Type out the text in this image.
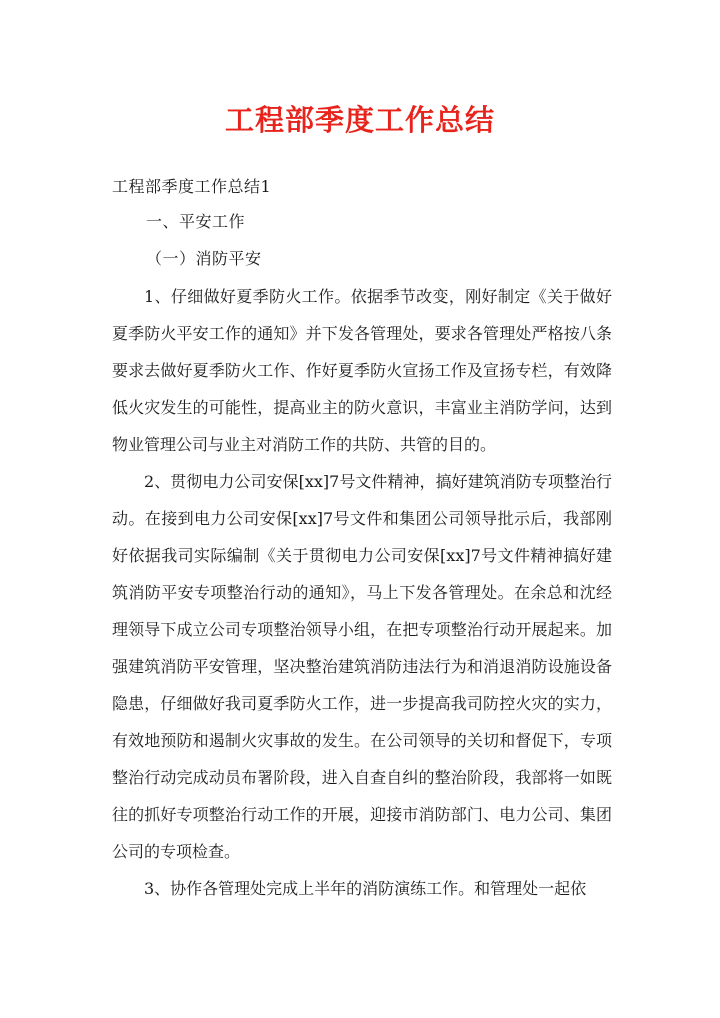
工程部季度工作总结
工程部季度工作总结1
一、平安工作
（一）消防平安

1、仔细做好夏季防火工作。依据季节改变，刚好制定《关于做好夏季防火平安工作的通知》并下发各管理处，要求各管理处严格按八条要求去做好夏季防火工作、作好夏季防火宣扬工作及宣扬专栏，有效降低火灾发生的可能性，提高业主的防火意识，丰富业主消防学问，达到物业管理公司与业主对消防工作的共防、共管的目的。

2、贯彻电力公司安保[xx]7号文件精神，搞好建筑消防专项整治行动。在接到电力公司安保[xx]7号文件和集团公司领导批示后，我部刚好依据我司实际编制《关于贯彻电力公司安保[xx]7号文件精神搞好建筑消防平安专项整治行动的通知》，马上下发各管理处。在余总和沈经理领导下成立公司专项整治领导小组，在把专项整治行动开展起来。加强建筑消防平安管理，坚决整治建筑消防违法行为和消退消防设施设备隐患，仔细做好我司夏季防火工作，进一步提高我司防控火灾的实力，有效地预防和遏制火灾事故的发生。在公司领导的关切和督促下，专项整治行动完成动员布署阶段，进入自查自纠的整治阶段，我部将一如既往的抓好专项整治行动工作的开展，迎接市消防部门、电力公司、集团公司的专项检查。

3、协作各管理处完成上半年的消防演练工作。和管理处一起依
